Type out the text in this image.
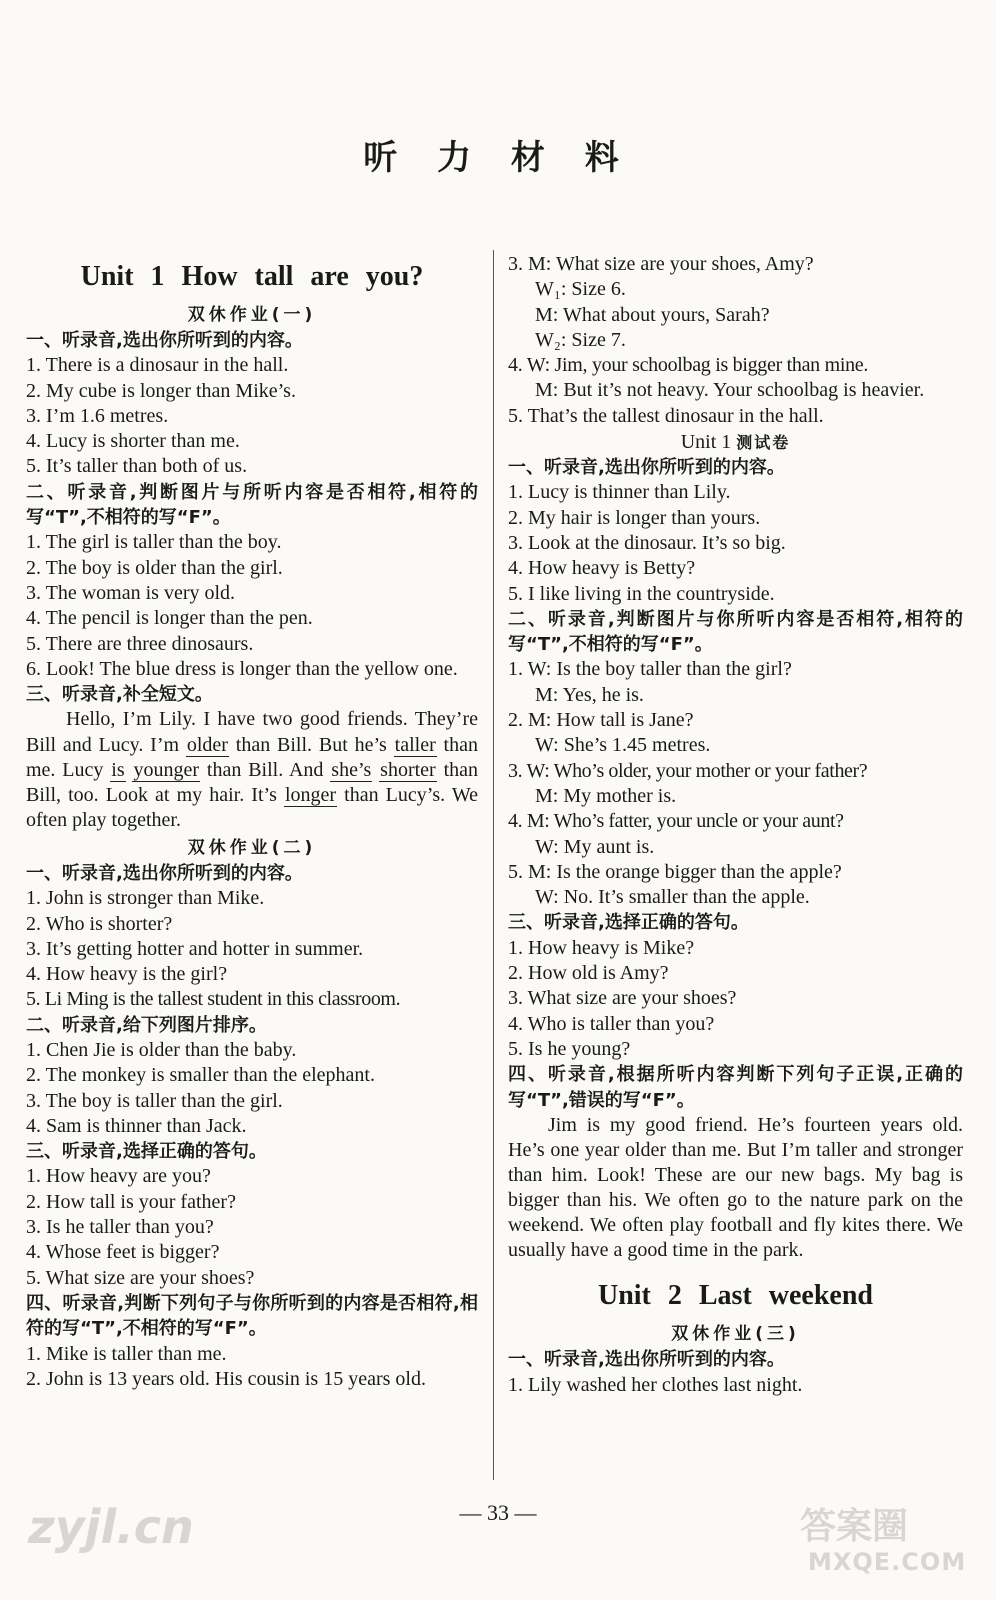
听 力 材 料
Unit 1 How tall are you?
双休作业(一)
一、听录音,选出你所听到的内容。
1. There is a dinosaur in the hall.
2. My cube is longer than Mike’s.
3. I’m 1.6 metres.
4. Lucy is shorter than me.
5. It’s taller than both of us.
二、听录音,判断图片与所听内容是否相符,相符的写“T”,不相符的写“F”。
1. The girl is taller than the boy.
2. The boy is older than the girl.
3. The woman is very old.
4. The pencil is longer than the pen.
5. There are three dinosaurs.
6. Look! The blue dress is longer than the yellow one.
三、听录音,补全短文。
Hello, I’m Lily. I have two good friends. They’re Bill and Lucy. I’m older than Bill. But he’s taller than me. Lucy is younger than Bill. And she’s shorter than Bill, too. Look at my hair. It’s longer than Lucy’s. We often play together.
双休作业(二)
一、听录音,选出你所听到的内容。
1. John is stronger than Mike.
2. Who is shorter?
3. It’s getting hotter and hotter in summer.
4. How heavy is the girl?
5. Li Ming is the tallest student in this classroom.
二、听录音,给下列图片排序。
1. Chen Jie is older than the baby.
2. The monkey is smaller than the elephant.
3. The boy is taller than the girl.
4. Sam is thinner than Jack.
三、听录音,选择正确的答句。
1. How heavy are you?
2. How tall is your father?
3. Is he taller than you?
4. Whose feet is bigger?
5. What size are your shoes?
四、听录音,判断下列句子与你所听到的内容是否相符,相符的写“T”,不相符的写“F”。
1. Mike is taller than me.
2. John is 13 years old. His cousin is 15 years old.
3. M: What size are your shoes, Amy?
W₁: Size 6.
M: What about yours, Sarah?
W₂: Size 7.
4. W: Jim, your schoolbag is bigger than mine.
M: But it’s not heavy. Your schoolbag is heavier.
5. That’s the tallest dinosaur in the hall.
Unit 1 测试卷
一、听录音,选出你所听到的内容。
1. Lucy is thinner than Lily.
2. My hair is longer than yours.
3. Look at the dinosaur. It’s so big.
4. How heavy is Betty?
5. I like living in the countryside.
二、听录音,判断图片与你所听内容是否相符,相符的写“T”,不相符的写“F”。
1. W: Is the boy taller than the girl?
M: Yes, he is.
2. M: How tall is Jane?
W: She’s 1.45 metres.
3. W: Who’s older, your mother or your father?
M: My mother is.
4. M: Who’s fatter, your uncle or your aunt?
W: My aunt is.
5. M: Is the orange bigger than the apple?
W: No. It’s smaller than the apple.
三、听录音,选择正确的答句。
1. How heavy is Mike?
2. How old is Amy?
3. What size are your shoes?
4. Who is taller than you?
5. Is he young?
四、听录音,根据所听内容判断下列句子正误,正确的写“T”,错误的写“F”。
Jim is my good friend. He’s fourteen years old. He’s one year older than me. But I’m taller and stronger than him. Look! These are our new bags. My bag is bigger than his. We often go to the nature park on the weekend. We often play football and fly kites there. We usually have a good time in the park.
Unit 2 Last weekend
双休作业(三)
一、听录音,选出你所听到的内容。
1. Lily washed her clothes last night.
— 33 —
zyjl.cn	答案圈
MXQE.COM
